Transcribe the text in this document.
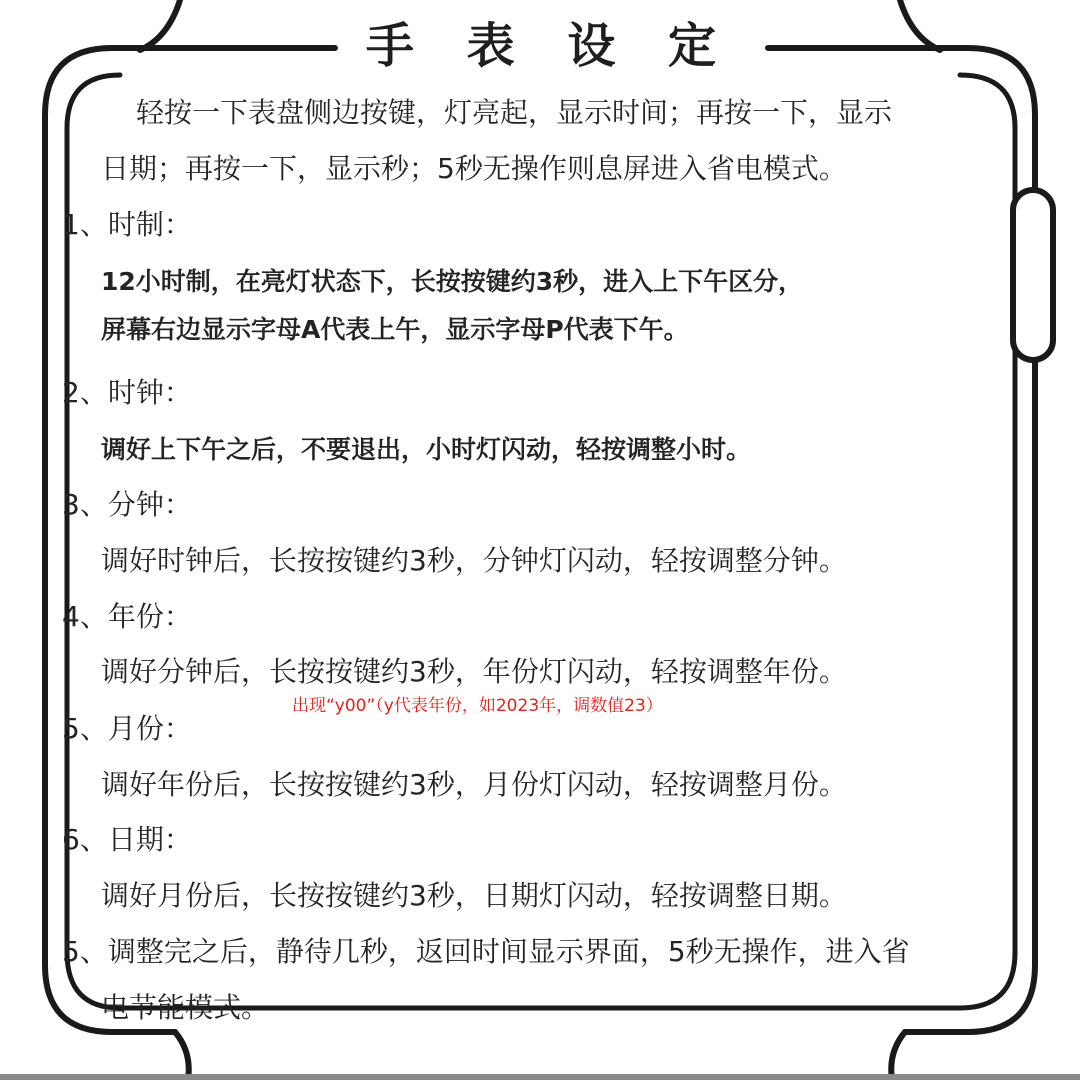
手 表 设 定
轻按一下表盘侧边按键，灯亮起，显示时间；再按一下，显示
日期；再按一下，显示秒；5秒无操作则息屏进入省电模式。
1、时制：
12小时制，在亮灯状态下，长按按键约3秒，进入上下午区分，
屏幕右边显示字母A代表上午，显示字母P代表下午。
2、时钟：
调好上下午之后，不要退出，小时灯闪动，轻按调整小时。
3、分钟：
调好时钟后，长按按键约3秒，分钟灯闪动，轻按调整分钟。
4、年份：
调好分钟后，长按按键约3秒，年份灯闪动，轻按调整年份。
出现“y00”（y代表年份，如2023年，调数值23）
5、月份：
调好年份后，长按按键约3秒，月份灯闪动，轻按调整月份。
6、日期：
调好月份后，长按按键约3秒，日期灯闪动，轻按调整日期。
5、调整完之后，静待几秒，返回时间显示界面，5秒无操作，进入省
电节能模式。
